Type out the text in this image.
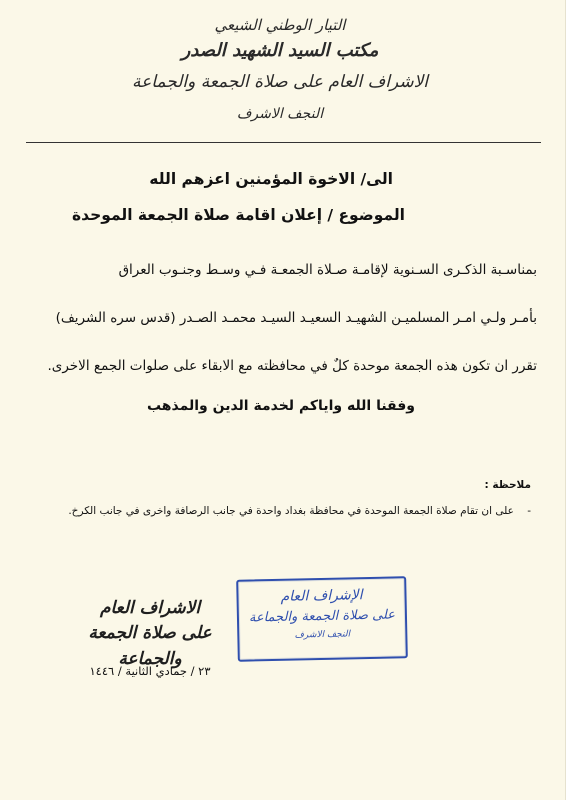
التيار الوطني الشيعي
مكتب السيد الشهيد الصدر
الاشراف العام على صلاة الجمعة والجماعة
النجف الاشرف
الى/ الاخوة المؤمنين اعزهم الله
الموضوع / إعلان اقامة صلاة الجمعة الموحدة
بمناسـبة الذكـرى السـنوية لإقامـة صـلاة الجمعـة فـي وسـط وجنـوب العراق
بأمـر ولـي امـر المسلميـن الشهيـد السعيـد السيـد محمـد الصـدر (قدس سره الشريف)
تقرر ان تكون هذه الجمعة موحدة كلٌ في محافظته مع الابقاء على صلوات الجمع الاخرى.
وفقنا الله واياكم لخدمة الدين والمذهب
ملاحظة :
- على ان تقام صلاة الجمعة الموحدة في محافظة بغداد واحدة في جانب الرصافة واخرى في جانب الكرخ.
الإشراف العام
على صلاة الجمعة والجماعة
النجف الاشرف
الاشراف العام
على صلاة الجمعة والجماعة
٢٣ / جمادي الثانية / ١٤٤٦
